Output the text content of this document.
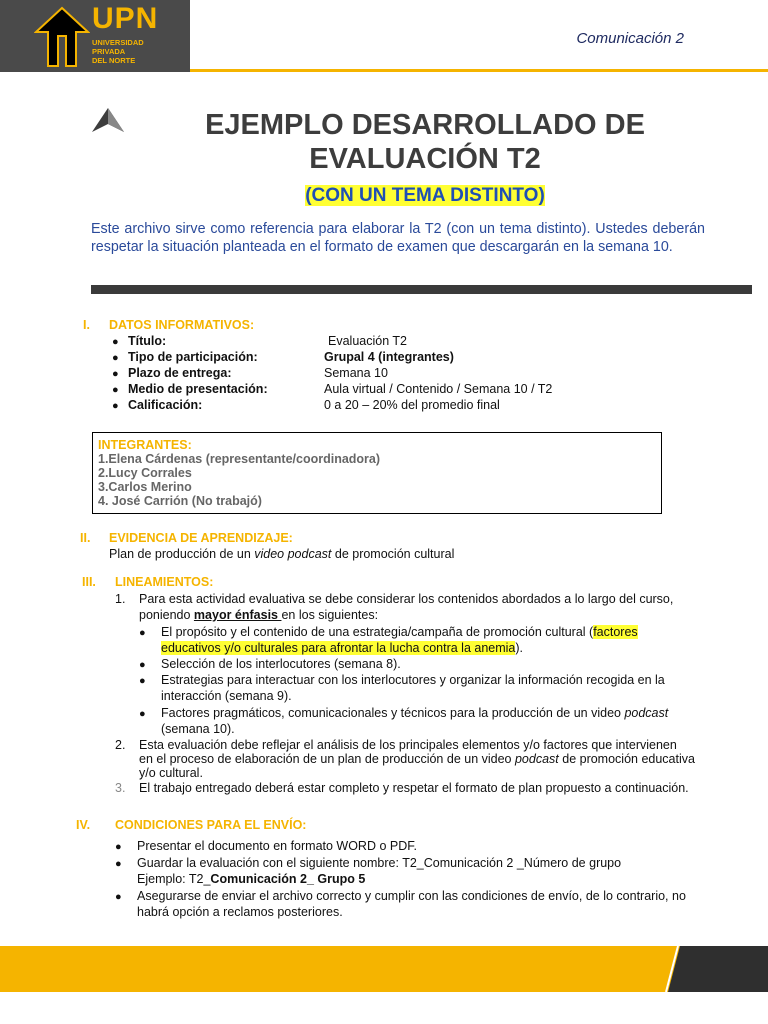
UPN
UNIVERSIDAD
PRIVADA
DEL NORTE
Comunicación 2
EJEMPLO DESARROLLADO DE
EVALUACIÓN T2
(CON UN TEMA DISTINTO)
Este archivo sirve como referencia para elaborar la T2 (con un tema distinto). Ustedes deberán respetar la situación planteada en el formato de examen que descargarán en la semana 10.
I. DATOS INFORMATIVOS:
● Título:	Evaluación T2
● Tipo de participación:	Grupal 4 (integrantes)
● Plazo de entrega:	Semana 10
● Medio de presentación:	Aula virtual / Contenido / Semana 10 / T2
● Calificación:	0 a 20 – 20% del promedio final
INTEGRANTES:
1.Elena Cárdenas (representante/coordinadora)
2.Lucy Corrales
3.Carlos Merino
4. José Carrión (No trabajó)
II. EVIDENCIA DE APRENDIZAJE:
Plan de producción de un video podcast de promoción cultural
III. LINEAMIENTOS:
1. Para esta actividad evaluativa se debe considerar los contenidos abordados a lo largo del curso,
poniendo mayor énfasis en los siguientes:
● El propósito y el contenido de una estrategia/campaña de promoción cultural (factores
educativos y/o culturales para afrontar la lucha contra la anemia).
● Selección de los interlocutores (semana 8).
● Estrategias para interactuar con los interlocutores y organizar la información recogida en la
interacción (semana 9).
● Factores pragmáticos, comunicacionales y técnicos para la producción de un video podcast
(semana 10).
2. Esta evaluación debe reflejar el análisis de los principales elementos y/o factores que intervienen
en el proceso de elaboración de un plan de producción de un video podcast de promoción educativa
y/o cultural.
3. El trabajo entregado deberá estar completo y respetar el formato de plan propuesto a continuación.
IV. CONDICIONES PARA EL ENVÍO:
● Presentar el documento en formato WORD o PDF.
● Guardar la evaluación con el siguiente nombre: T2_Comunicación 2 _Número de grupo
Ejemplo: T2_Comunicación 2_ Grupo 5
● Asegurarse de enviar el archivo correcto y cumplir con las condiciones de envío, de lo contrario, no
habrá opción a reclamos posteriores.
